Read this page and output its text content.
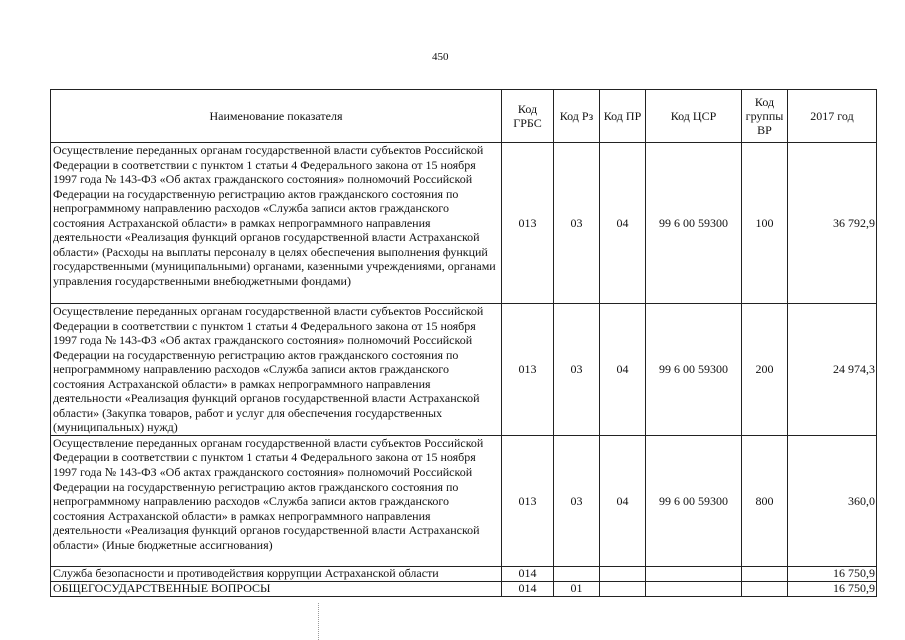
450
Наименование показателя	Код ГРБС	Код Рз	Код ПР	Код ЦСР	Код группы ВР	2017 год
Осуществление переданных органам государственной власти субъектов Российской Федерации в соответствии с пунктом 1 статьи 4 Федерального закона от 15 ноября 1997 года № 143-ФЗ «Об актах гражданского состояния» полномочий Российской Федерации на государственную регистрацию актов гражданского состояния по непрограммному направлению расходов «Служба записи актов гражданского состояния Астраханской области» в рамках непрограммного направления деятельности «Реализация функций органов государственной власти Астраханской области» (Расходы на выплаты персоналу в целях обеспечения выполнения функций государственными (муниципальными) органами, казенными учреждениями, органами управления государственными внебюджетными фондами)	013	03	04	99 6 00 59300	100	36 792,9
Осуществление переданных органам государственной власти субъектов Российской Федерации в соответствии с пунктом 1 статьи 4 Федерального закона от 15 ноября 1997 года № 143-ФЗ «Об актах гражданского состояния» полномочий Российской Федерации на государственную регистрацию актов гражданского состояния по непрограммному направлению расходов «Служба записи актов гражданского состояния Астраханской области» в рамках непрограммного направления деятельности «Реализация функций органов государственной власти Астраханской области» (Закупка товаров, работ и услуг для обеспечения государственных (муниципальных) нужд)	013	03	04	99 6 00 59300	200	24 974,3
Осуществление переданных органам государственной власти субъектов Российской Федерации в соответствии с пунктом 1 статьи 4 Федерального закона от 15 ноября 1997 года № 143-ФЗ «Об актах гражданского состояния» полномочий Российской Федерации на государственную регистрацию актов гражданского состояния по непрограммному направлению расходов «Служба записи актов гражданского состояния Астраханской области» в рамках непрограммного направления деятельности «Реализация функций органов государственной власти Астраханской области» (Иные бюджетные ассигнования)	013	03	04	99 6 00 59300	800	360,0
Служба безопасности и противодействия коррупции Астраханской области	014					16 750,9
ОБЩЕГОСУДАРСТВЕННЫЕ ВОПРОСЫ	014	01				16 750,9
